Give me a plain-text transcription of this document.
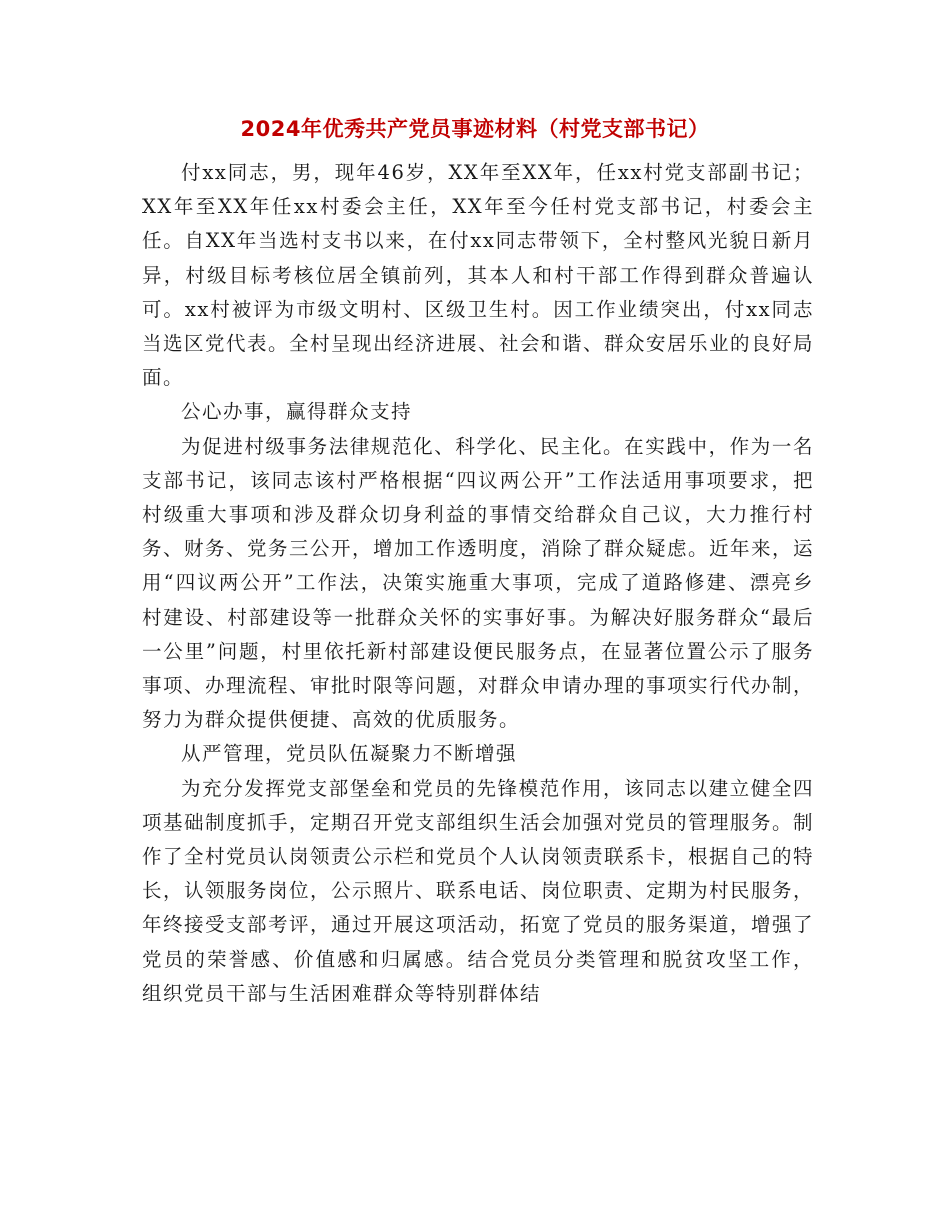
2024年优秀共产党员事迹材料（村党支部书记）

付xx同志，男，现年46岁，XX年至XX年，任xx村党支部副书记；XX年至XX年任xx村委会主任，XX年至今任村党支部书记，村委会主任。自XX年当选村支书以来，在付xx同志带领下，全村整风光貌日新月异，村级目标考核位居全镇前列，其本人和村干部工作得到群众普遍认可。xx村被评为市级文明村、区级卫生村。因工作业绩突出，付xx同志当选区党代表。全村呈现出经济进展、社会和谐、群众安居乐业的良好局面。

公心办事，赢得群众支持

为促进村级事务法律规范化、科学化、民主化。在实践中，作为一名支部书记，该同志该村严格根据“四议两公开”工作法适用事项要求，把村级重大事项和涉及群众切身利益的事情交给群众自己议，大力推行村务、财务、党务三公开，增加工作透明度，消除了群众疑虑。近年来，运用“四议两公开”工作法，决策实施重大事项，完成了道路修建、漂亮乡村建设、村部建设等一批群众关怀的实事好事。为解决好服务群众“最后一公里”问题，村里依托新村部建设便民服务点，在显著位置公示了服务事项、办理流程、审批时限等问题，对群众申请办理的事项实行代办制，努力为群众提供便捷、高效的优质服务。

从严管理，党员队伍凝聚力不断增强

为充分发挥党支部堡垒和党员的先锋模范作用，该同志以建立健全四项基础制度抓手，定期召开党支部组织生活会加强对党员的管理服务。制作了全村党员认岗领责公示栏和党员个人认岗领责联系卡，根据自己的特长，认领服务岗位，公示照片、联系电话、岗位职责、定期为村民服务，年终接受支部考评，通过开展这项活动，拓宽了党员的服务渠道，增强了党员的荣誉感、价值感和归属感。结合党员分类管理和脱贫攻坚工作， 组织党员干部与生活困难群众等特别群体结
